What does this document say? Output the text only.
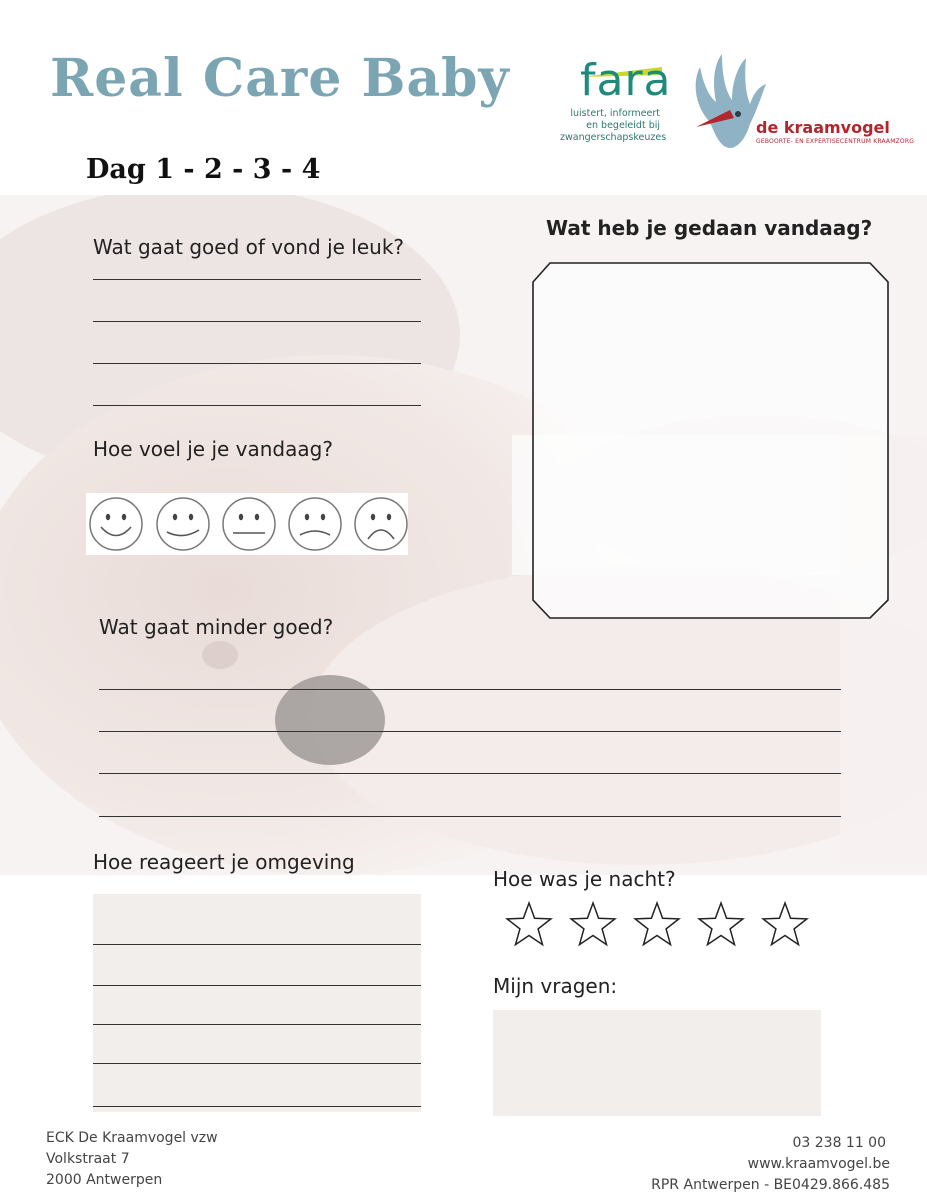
Real Care Baby fara
luistert, informeert
en begeleidt bij
zwangerschapskeuzes
de kraamvogel
GEBOORTE- EN EXPERTISECENTRUM KRAAMZORG
Dag 1 - 2 - 3 - 4
Wat gaat goed of vond je leuk?
Hoe voel je je vandaag?
Wat heb je gedaan vandaag?
Wat gaat minder goed?
Hoe reageert je omgeving
Hoe was je nacht?
Mijn vragen:
ECK De Kraamvogel vzw
Volkstraat 7
2000 Antwerpen
03 238 11 00
www.kraamvogel.be
RPR Antwerpen - BE0429.866.485
